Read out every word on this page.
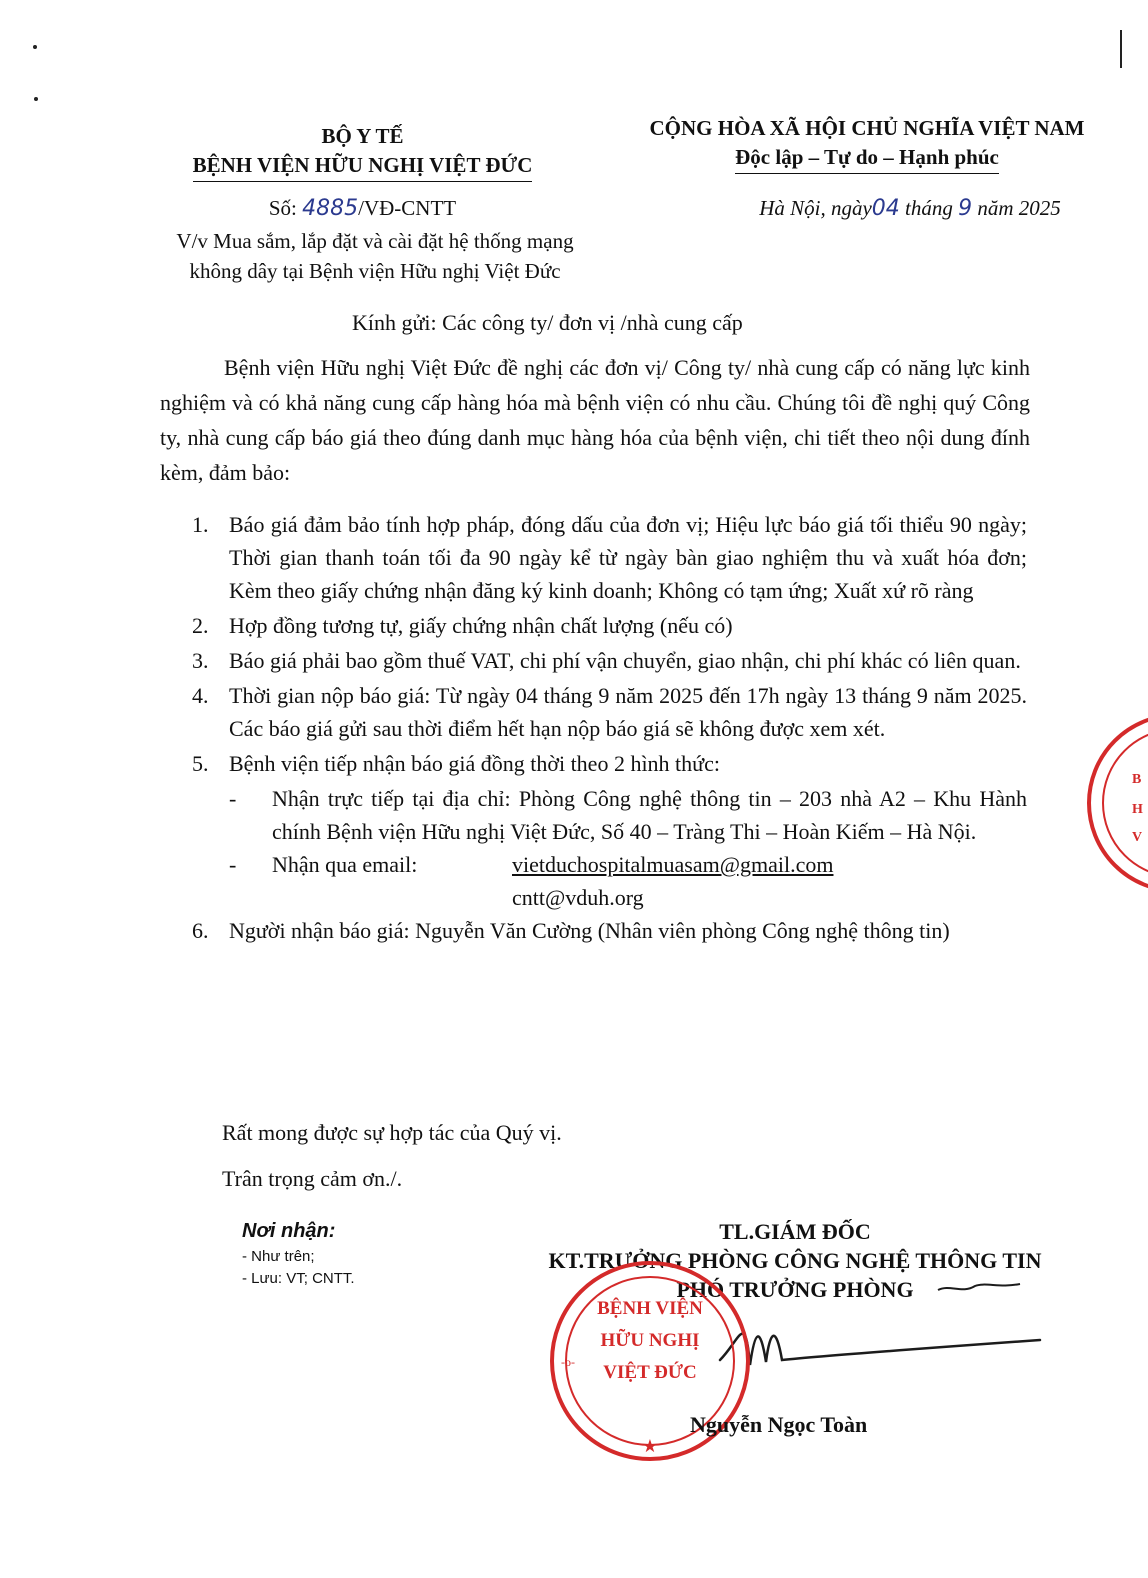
BỘ Y TẾ
BỆNH VIỆN HỮU NGHỊ VIỆT ĐỨC
Số: 4885/VĐ-CNTT
V/v Mua sắm, lắp đặt và cài đặt hệ thống mạng
không dây tại Bệnh viện Hữu nghị Việt Đức
CỘNG HÒA XÃ HỘI CHỦ NGHĨA VIỆT NAM
Độc lập – Tự do – Hạnh phúc
Hà Nội, ngày04 tháng 9 năm 2025
Kính gửi: Các công ty/ đơn vị /nhà cung cấp
Bệnh viện Hữu nghị Việt Đức đề nghị các đơn vị/ Công ty/ nhà cung cấp có năng lực kinh nghiệm và có khả năng cung cấp hàng hóa mà bệnh viện có nhu cầu. Chúng tôi đề nghị quý Công ty, nhà cung cấp báo giá theo đúng danh mục hàng hóa của bệnh viện, chi tiết theo nội dung đính kèm, đảm bảo:
1. Báo giá đảm bảo tính hợp pháp, đóng dấu của đơn vị; Hiệu lực báo giá tối thiểu 90 ngày; Thời gian thanh toán tối đa 90 ngày kể từ ngày bàn giao nghiệm thu và xuất hóa đơn; Kèm theo giấy chứng nhận đăng ký kinh doanh; Không có tạm ứng; Xuất xứ rõ ràng
2. Hợp đồng tương tự, giấy chứng nhận chất lượng (nếu có)
3. Báo giá phải bao gồm thuế VAT, chi phí vận chuyển, giao nhận, chi phí khác có liên quan.
4. Thời gian nộp báo giá: Từ ngày 04 tháng 9 năm 2025 đến 17h ngày 13 tháng 9 năm 2025. Các báo giá gửi sau thời điểm hết hạn nộp báo giá sẽ không được xem xét.
5. Bệnh viện tiếp nhận báo giá đồng thời theo 2 hình thức:
-	Nhận trực tiếp tại địa chỉ: Phòng Công nghệ thông tin – 203 nhà A2 – Khu Hành chính Bệnh viện Hữu nghị Việt Đức, Số 40 – Tràng Thi – Hoàn Kiếm – Hà Nội.
-	Nhận qua email:	vietduchospitalmuasam@gmail.com
cntt@vduh.org
6. Người nhận báo giá: Nguyễn Văn Cường (Nhân viên phòng Công nghệ thông tin)
Rất mong được sự hợp tác của Quý vị.
Trân trọng cảm ơn./.
Nơi nhận:
- Như trên;
- Lưu: VT; CNTT.
TL.GIÁM ĐỐC
KT.TRƯỞNG PHÒNG CÔNG NGHỆ THÔNG TIN
PHÓ TRƯỞNG PHÒNG
BỆNH VIỆN
HỮU NGHỊ
VIỆT ĐỨC
★
-o-
B
H
V
Nguyễn Ngọc Toàn
